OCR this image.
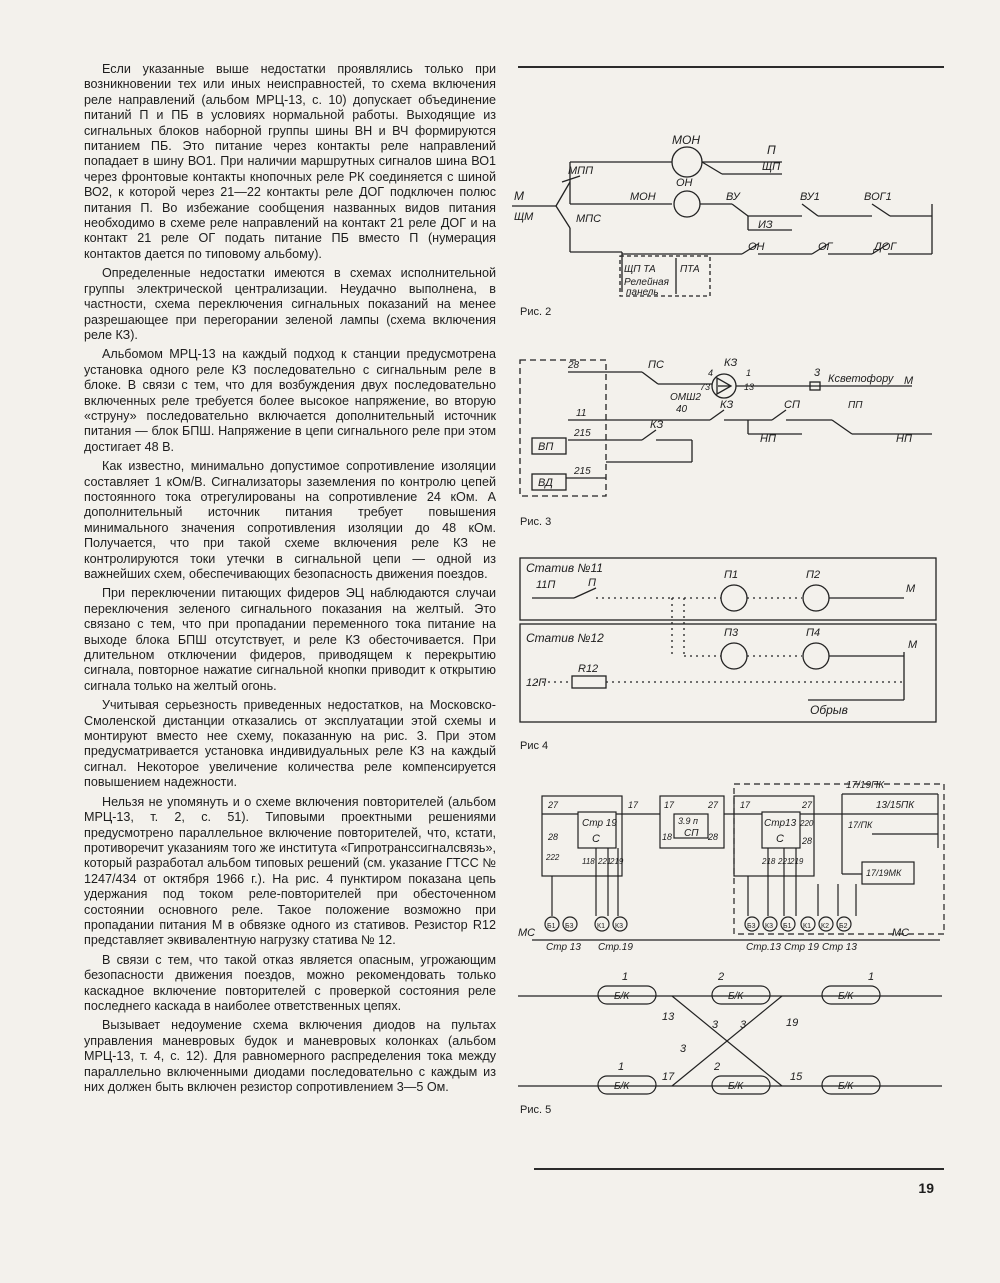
Если указанные выше недостатки проявлялись только при возникновении тех или иных неисправностей, то схема включения реле направлений (альбом МРЦ-13, с. 10) допускает объединение питаний П и ПБ в условиях нормальной работы. Выходящие из сигнальных блоков наборной группы шины ВН и ВЧ формируются питанием ПБ. Это питание через контакты реле направлений попадает в шину ВО1. При наличии маршрутных сигналов шина ВО1 через фронтовые контакты кнопочных реле РК соединяется с шиной ВО2, к которой через 21—22 контакты реле ДОГ подключен полюс питания П. Во избежание сообщения названных видов питания необходимо в схеме реле направлений на контакт 21 реле ДОГ и на контакт 21 реле ОГ подать питание ПБ вместо П (нумерация контактов дается по типовому альбому).

Определенные недостатки имеются в схемах исполнительной группы электрической централизации. Неудачно выполнена, в частности, схема переключения сигнальных показаний на менее разрешающее при перегорании зеленой лампы (схема включения реле КЗ).

Альбомом МРЦ-13 на каждый подход к станции предусмотрена установка одного реле КЗ последовательно с сигнальным реле в блоке. В связи с тем, что для возбуждения двух последовательно включенных реле требуется более высокое напряжение, во вторую «струну» последовательно включается дополнительный источник питания — блок БПШ. Напряжение в цепи сигнального реле при этом достигает 48 В.

Как известно, минимально допустимое сопротивление изоляции составляет 1 кОм/В. Сигнализаторы заземления по контролю цепей постоянного тока отрегулированы на сопротивление 24 кОм. А дополнительный источник питания требует повышения минимального значения сопротивления изоляции до 48 кОм. Получается, что при такой схеме включения реле КЗ не контролируются токи утечки в сигнальной цепи — одной из важнейших схем, обеспечивающих безопасность движения поездов.

При переключении питающих фидеров ЭЦ наблюдаются случаи переключения зеленого сигнального показания на желтый. Это связано с тем, что при пропадании переменного тока питание на выходе блока БПШ отсутствует, и реле КЗ обесточивается. При длительном отключении фидеров, приводящем к перекрытию сигнала, повторное нажатие сигнальной кнопки приводит к открытию сигнала только на желтый огонь.

Учитывая серьезность приведенных недостатков, на Московско-Смоленской дистанции отказались от эксплуатации этой схемы и монтируют вместо нее схему, показанную на рис. 3. При этом предусматривается установка индивидуальных реле КЗ на каждый сигнал. Некоторое увеличение количества реле компенсируется повышением надежности.

Нельзя не упомянуть и о схеме включения повторителей (альбом МРЦ-13, т. 2, с. 51). Типовыми проектными решениями предусмотрено параллельное включение повторителей, что, кстати, противоречит указаниям того же института «Гипротранссигналсвязь», который разработал альбом типовых решений (см. указание ГТСС № 1247/434 от октября 1966 г.). На рис. 4 пунктиром показана цепь удержания под током реле-повторителей при обесточенном состоянии основного реле. Такое положение возможно при пропадании питания М в обвязке одного из стативов. Резистор R12 представляет эквивалентную нагрузку статива № 12.

В связи с тем, что такой отказ является опасным, угрожающим безопасности движения поездов, можно рекомендовать только каскадное включение повторителей с проверкой состояния реле последнего каскада в наиболее ответственных цепях.

Вызывает недоумение схема включения диодов на пультах управления маневровых будок и маневровых колонках (альбом МРЦ-13, т. 4, с. 12). Для равномерного распределения тока между параллельно включенными диодами последовательно с каждым из них должен быть включен резистор сопротивлением 3—5 Ом.

МОН
П
ЩП
МПП
МПС
М
ЩМ
МОН
ОН
ВУ	ВУ1	ВОГ1
ИЗ
ОН	ОГ	ДОГ
ЩП ТА ПТА
Релейная
панель
Рис. 2
28
11
215
215
ВП
ВД
ПС
ОМШ2
40
КЗ
4	1
73	13
3 Ксветофору М
КЗ	СП	ПП
НП	НП
КЗ
Рис. 3
Статив №11
11П	П
П1	П2
М
Статив №12	П3	П4
М
12П
R12
Обрыв
Рис 4
МС
Стр 13 Стр.19
Стр 19
С
27
28
17
222	118 221
219
3.9 п
СП
17	27
18	28
Стр13
С
17	27
220
218 221
219
28
Стр.13 Стр 19 Стр 13
МС
17/19ПК
13/15ПК
17/19МК
17/ПК
Б1 Б3	К1 К3	Б3 К3 Б1 К1 К2 Б2
Б/К	Б/К	Б/К
Б/К	Б/К	Б/К
1	2	1
13	19
3 3
3
1
17
2
15
Рис. 5
19
